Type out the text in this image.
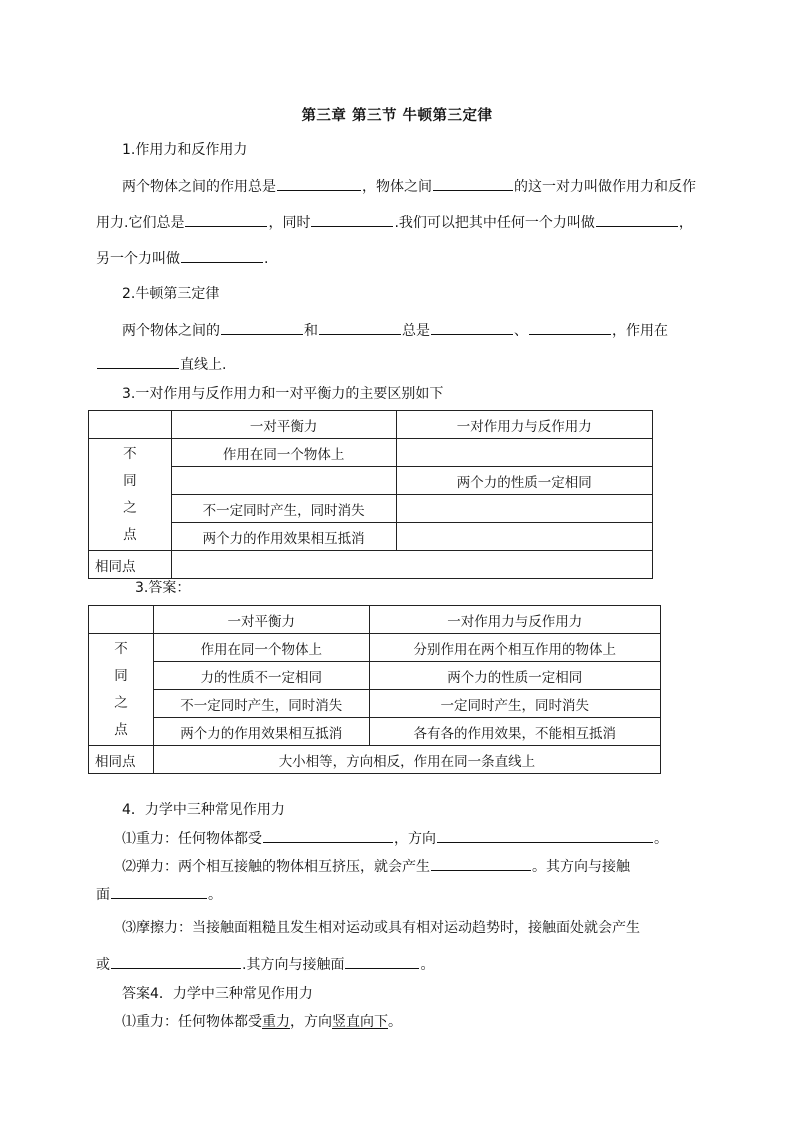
第三章 第三节 牛顿第三定律
1.作用力和反作用力
两个物体之间的作用总是	，物体之间	的这一对力叫做作用力和反作
用力.它们总是	，同时	.我们可以把其中任何一个力叫做	，
另一个力叫做	.
2.牛顿第三定律
两个物体之间的	和	总是	、	，作用在
直线上.
3.一对作用与反作用力和一对平衡力的主要区别如下
	一对平衡力	一对作用力与反作用力

不
同
之
点	作用在同一个物体上	
		两个力的性质一定相同
	不一定同时产生，同时消失	
	两个力的作用效果相互抵消	
相同点		
3.答案：
	一对平衡力	一对作用力与反作用力

不
同
之
点	作用在同一个物体上	分别作用在两个相互作用的物体上
	力的性质不一定相同	两个力的性质一定相同
	不一定同时产生，同时消失	一定同时产生，同时消失
	两个力的作用效果相互抵消	各有各的作用效果，不能相互抵消
相同点	大小相等，方向相反，作用在同一条直线上	
4．力学中三种常见作用力
⑴重力：任何物体都受	，方向	。
⑵弹力：两个相互接触的物体相互挤压，就会产生	。其方向与接触
面	。
⑶摩擦力：当接触面粗糙且发生相对运动或具有相对运动趋势时，接触面处就会产生
或	.其方向与接触面	。
答案4．力学中三种常见作用力
⑴重力：任何物体都受重力，方向竖直向下。
